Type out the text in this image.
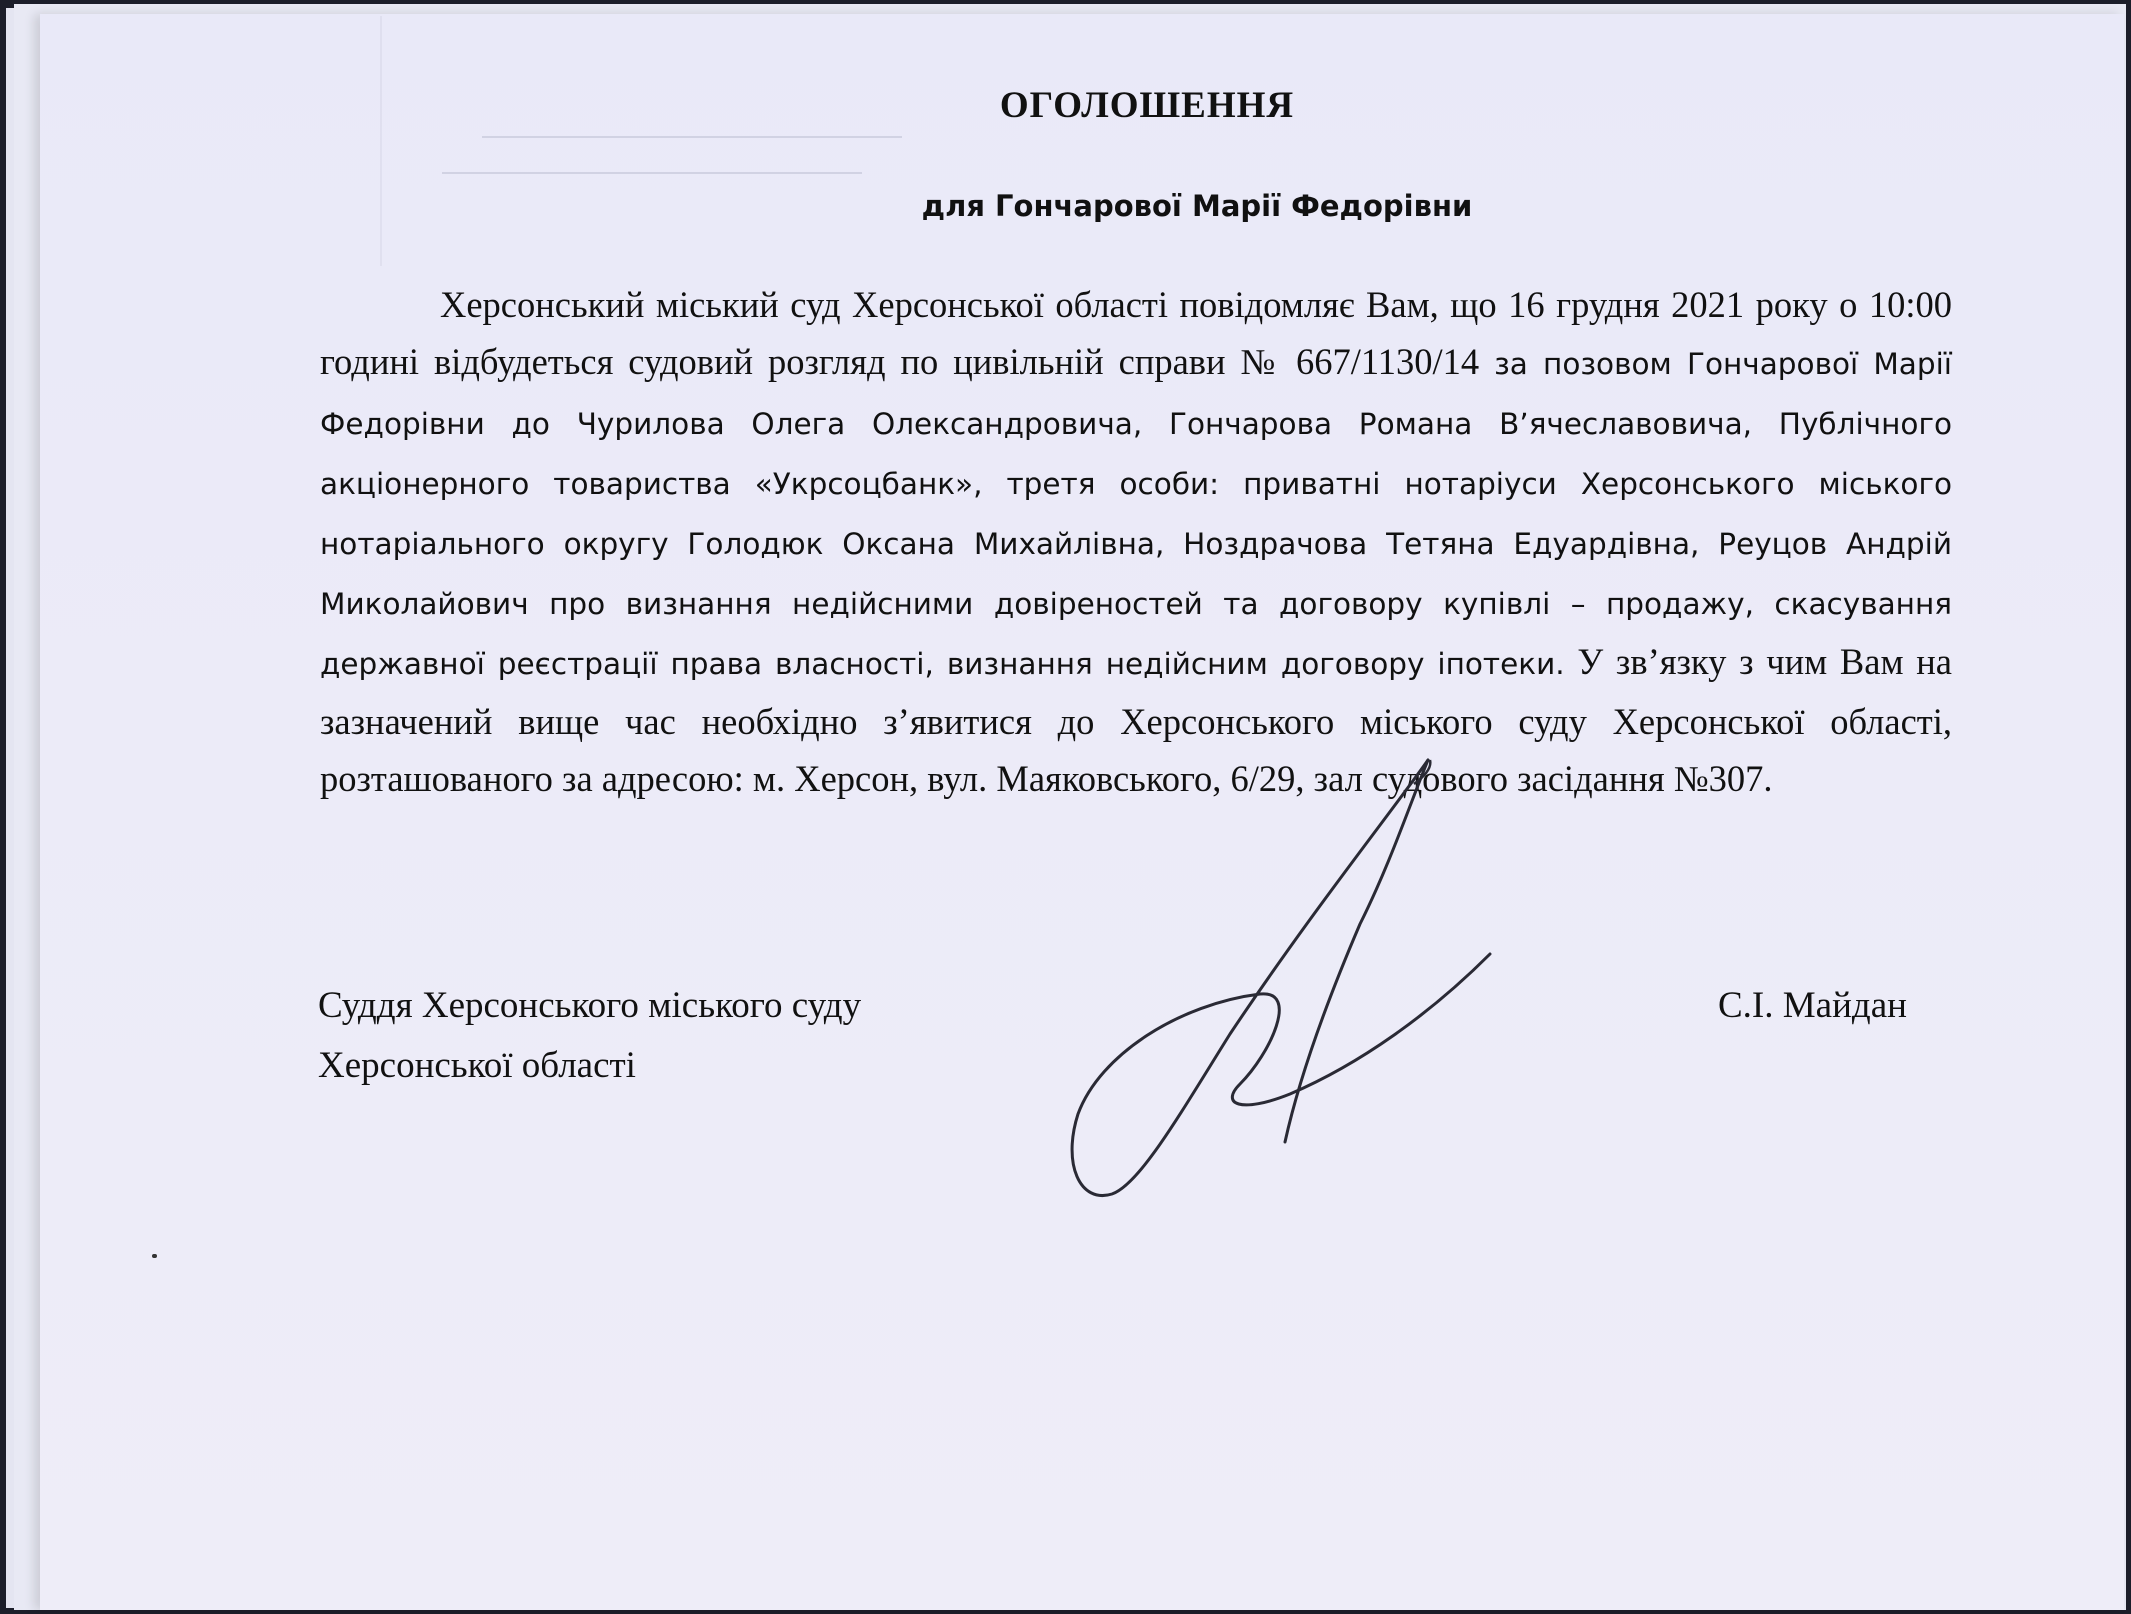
ОГОЛОШЕННЯ
для Гончарової Марії Федорівни
Херсонський міський суд Херсонської області повідомляє Вам, що 16 грудня 2021 року о 10:00 годині відбудеться судовий розгляд по цивільній справи № 667/1130/14 за позовом Гончарової Марії Федорівни до Чурилова Олега Олександровича, Гончарова Романа В’ячеславовича, Публічного акціонерного товариства «Укрсоцбанк», третя особи: приватні нотаріуси Херсонського міського нотаріального округу Голодюк Оксана Михайлівна, Ноздрачова Тетяна Едуардівна, Реуцов Андрій Миколайович про визнання недійсними довіреностей та договору купівлі – продажу, скасування державної реєстрації права власності, визнання недійсним договору іпотеки. У зв’язку з чим Вам на зазначений вище час необхідно з’явитися до Херсонського міського суду Херсонської області, розташованого за адресою: м. Херсон, вул. Маяковського, 6/29, зал судового засідання №307.
Суддя Херсонського міського суду
Херсонської області
С.І. Майдан
